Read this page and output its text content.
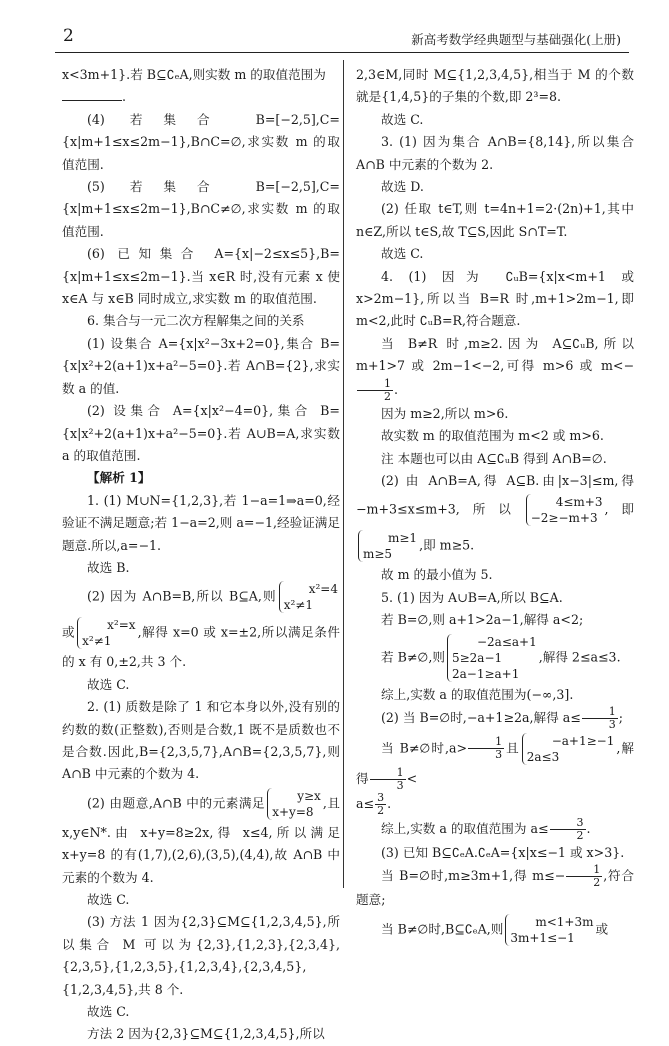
2	新高考数学经典题型与基础强化(上册)

x<3m+1}.若 B⊆∁ₑA,则实数 m 的取值范围为

.

(4) 若集合 B=[−2,5],C={x|m+1≤x≤2m−1},B∩C=∅,求实数 m 的取值范围.

(5) 若集合 B=[−2,5],C={x|m+1≤x≤2m−1},B∩C≠∅,求实数 m 的取值范围.

(6) 已知集合 A={x|−2≤x≤5},B={x|m+1≤x≤2m−1}.当 x∈R 时,没有元素 x 使 x∈A 与 x∈B 同时成立,求实数 m 的取值范围.

6. 集合与一元二次方程解集之间的关系

(1) 设集合 A={x|x²−3x+2=0},集合 B={x|x²+2(a+1)x+a²−5=0}.若 A∩B={2},求实数 a 的值.

(2) 设集合 A={x|x²−4=0},集合 B={x|x²+2(a+1)x+a²−5=0}.若 A∪B=A,求实数 a 的取值范围.

【解析 1】

1. (1) M∪N={1,2,3},若 1−a=1⇒a=0,经验证不满足题意;若 1−a=2,则 a=−1,经验证满足题意.所以,a=−1.

故选 B.

(2) 因为 A∩B=B,所以 B⊆A,则	x²=4
x²≠1或	x²=x
x²≠1,解得 x=0 或 x=±2,所以满足条件的 x 有 0,±2,共 3 个.

故选 C.

2. (1) 质数是除了 1 和它本身以外,没有别的约数的数(正整数),否则是合数,1 既不是质数也不是合数.因此,B={2,3,5,7},A∩B={2,3,5,7},则 A∩B 中元素的个数为 4.

(2) 由题意,A∩B 中的元素满足	y≥x
x+y=8,且 x,y∈N*.由 x+y=8≥2x,得 x≤4,所以满足 x+y=8 的有(1,7),(2,6),(3,5),(4,4),故 A∩B 中元素的个数为 4.

故选 C.

(3) 方法 1 因为{2,3}⊆M⊆{1,2,3,4,5},所以集合 M 可以为{2,3},{1,2,3},{2,3,4},{2,3,5},{1,2,3,5},{1,2,3,4},{2,3,4,5},{1,2,3,4,5},共 8 个.

故选 C.

方法 2 因为{2,3}⊆M⊆{1,2,3,4,5},所以

2,3∈M,同时 M⊆{1,2,3,4,5},相当于 M 的个数就是{1,4,5}的子集的个数,即 2³=8.

故选 C.

3. (1) 因为集合 A∩B={8,14},所以集合 A∩B 中元素的个数为 2.

故选 D.

(2) 任取 t∈T,则 t=4n+1=2·(2n)+1,其中 n∈Z,所以 t∈S,故 T⊆S,因此 S∩T=T.

故选 C.

4. (1) 因为 ∁ᵤB={x|x<m+1 或 x>2m−1},所以当 B=R 时,m+1>2m−1,即 m<2,此时 ∁ᵤB=R,符合题意.

当 B≠R 时,m≥2.因为 A⊆∁ᵤB,所以 m+1>7 或 2m−1<−2,可得 m>6 或 m<−
$\frac{1}{2}$ .

因为 m≥2,所以 m>6.

故实数 m 的取值范围为 m<2 或 m>6.

注 本题也可以由 A⊆∁ᵤB 得到 A∩B=∅.

(2) 由 A∩B=A,得 A⊆B.由|x−3|≤m,得 −m+3≤x≤m+3,所以	4≤m+3
−2≥−m+3,即m≥1
m≥5,即 m≥5.

故 m 的最小值为 5.

5. (1) 因为 A∪B=A,所以 B⊆A.

若 B=∅,则 a+1>2a−1,解得 a<2;

若 B≠∅,则−2a≤a+1
5≥2a−1
2a−1≥a+1,解得 2≤a≤3.

综上,实数 a 的取值范围为(−∞,3].

(2) 当 B=∅时,−a+1≥2a,解得 $a\le \frac{1}{3}$ ;

当 B≠∅时$,a> \frac{1}{3}$ 且	−a+1≥−1
2a≤3,解得 $\frac{1}{3}$ <

$a\le \frac{3}{2}$ .

综上,实数 a 的取值范围为 $a\le \frac{3}{2}$ .

(3) 已知 B⊆∁ₑA.∁ₑA={x|x≤−1 或 x>3}.

当 B=∅时,m≥3m+1,得 $m\le- \frac{1}{2}$ ,符合题意;

当 B≠∅时,B⊆∁ₑA,则	m<1+3m
3m+1≤−1或
